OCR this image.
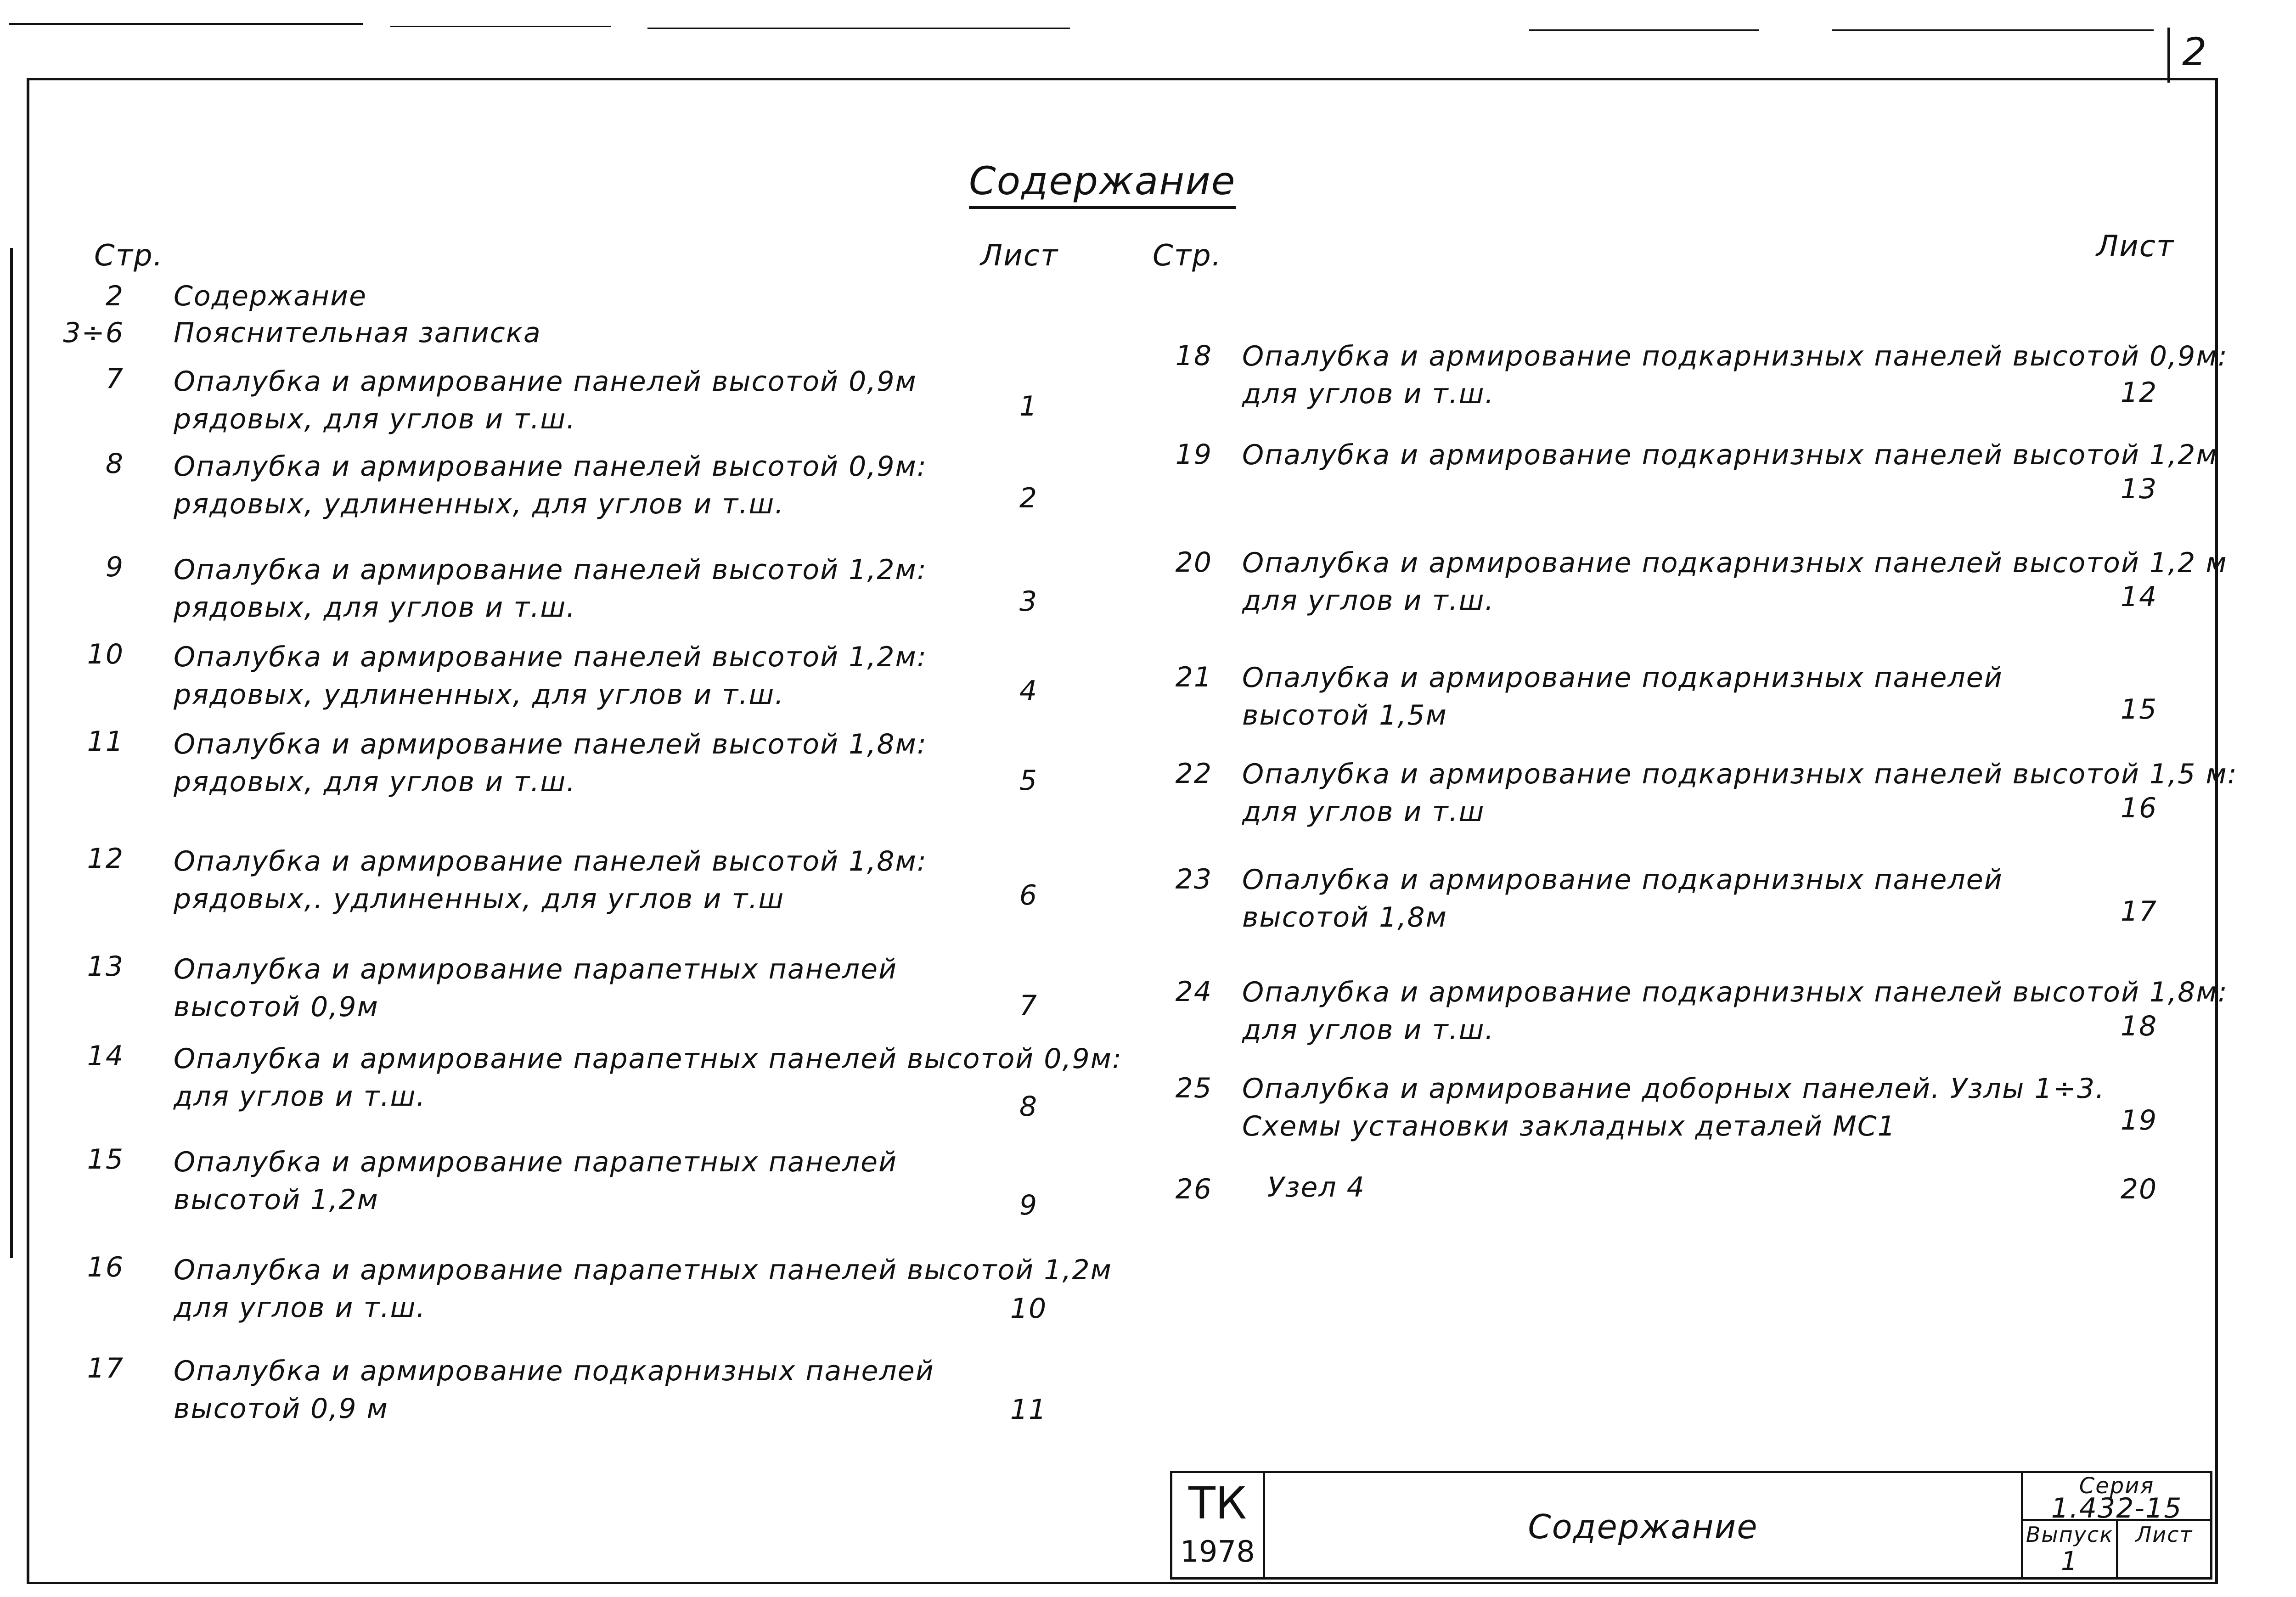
2
Содержание
Стр.	Лист	Стр.	Лист
2 Содержание
3÷6 Пояснительная записка
7 Опалубка и армирование панелей высотой 0,9м
рядовых, для углов и т.ш.	1
8 Опалубка и армирование панелей высотой 0,9м:
рядовых, удлиненных, для углов и т.ш.	2
9 Опалубка и армирование панелей высотой 1,2м:
рядовых, для углов и т.ш.	3
10 Опалубка и армирование панелей высотой 1,2м:
рядовых, удлиненных, для углов и т.ш.	4
11 Опалубка и армирование панелей высотой 1,8м:
рядовых, для углов и т.ш.	5
12 Опалубка и армирование панелей высотой 1,8м:
рядовых,. удлиненных, для углов и т.ш	6
13 Опалубка и армирование парапетных панелей
высотой 0,9м	7
14 Опалубка и армирование парапетных панелей высотой 0,9м:
для углов и т.ш.	8
15 Опалубка и армирование парапетных панелей
высотой 1,2м	9
16 Опалубка и армирование парапетных панелей высотой 1,2м
для углов и т.ш.	10
17 Опалубка и армирование подкарнизных панелей
высотой 0,9 м	11
18 Опалубка и армирование подкарнизных панелей высотой 0,9м:
для углов и т.ш.	12
19 Опалубка и армирование подкарнизных панелей высотой 1,2м
13
20 Опалубка и армирование подкарнизных панелей высотой 1,2 м
для углов и т.ш.	14
21 Опалубка и армирование подкарнизных панелей
высотой 1,5м	15
22 Опалубка и армирование подкарнизных панелей высотой 1,5 м:
для углов и т.ш	16
23 Опалубка и армирование подкарнизных панелей
высотой 1,8м	17
24 Опалубка и армирование подкарнизных панелей высотой 1,8м:
для углов и т.ш.	18
25 Опалубка и армирование доборных панелей. Узлы 1÷3.
Схемы установки закладных деталей МС1	19
26 Узел 4	20
ТК
1978
Содержание
Серия
1.432-15
Выпуск
1
Лист
